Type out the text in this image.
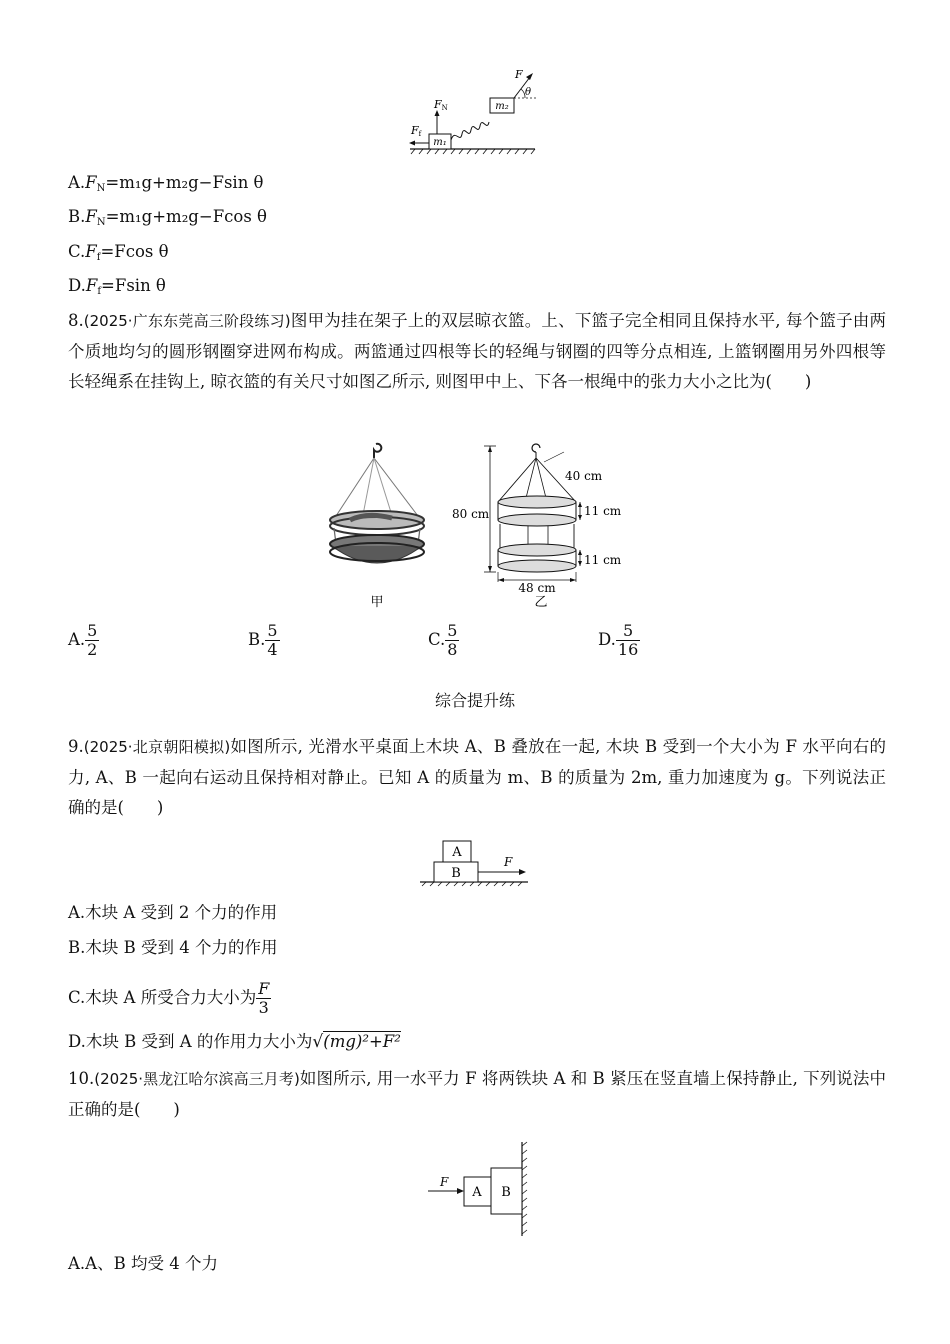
m₁
FN
Ff
m₂
F
θ
$A.F_N=m_1g+m_2g-Fsin$ θ
$B.F_N=m_1g+m_2g-Fcos$ θ
$C.F_f=Fcos$ θ
$D.F_f=Fsin$ θ
8.(2025·广东东莞高三阶段练习)图甲为挂在架子上的双层晾衣篮。上、下篮子完全相同且保持水平, 每个篮子由两个质地均匀的圆形钢圈穿进网布构成。两篮通过四根等长的轻绳与钢圈的四等分点相连, 上篮钢圈用另外四根等长轻绳系在挂钩上, 晾衣篮的有关尺寸如图乙所示, 则图甲中上、下各一根绳中的张力大小之比为(　　)
甲
80 cm
40 cm
11 cm
11 cm
48 cm
乙
A. $\frac{5}{2}$	B. $\frac{5}{4}$	C. $\frac{5}{8}$	D. $\frac{5}{16}$
综合提升练
9.(2025·北京朝阳模拟)如图所示, 光滑水平桌面上木块 A、B 叠放在一起, 木块 B 受到一个大小为 F 水平向右的力, A、B 一起向右运动且保持相对静止。已知 A 的质量为 m、B 的质量为 2m, 重力加速度为 g。下列说法正确的是(　　)
A
B
F
A.木块 A 受到 2 个力的作用
B.木块 B 受到 4 个力的作用
C.木块 A 所受合力大小为 $\frac{F}{3}$
D.木块 B 受到 A 的作用力大小为√(mg)²+F²
10.(2025·黑龙江哈尔滨高三月考)如图所示, 用一水平力 F 将两铁块 A 和 B 紧压在竖直墙上保持静止, 下列说法中正确的是(　　)
A B
F
A.A、B 均受 4 个力
